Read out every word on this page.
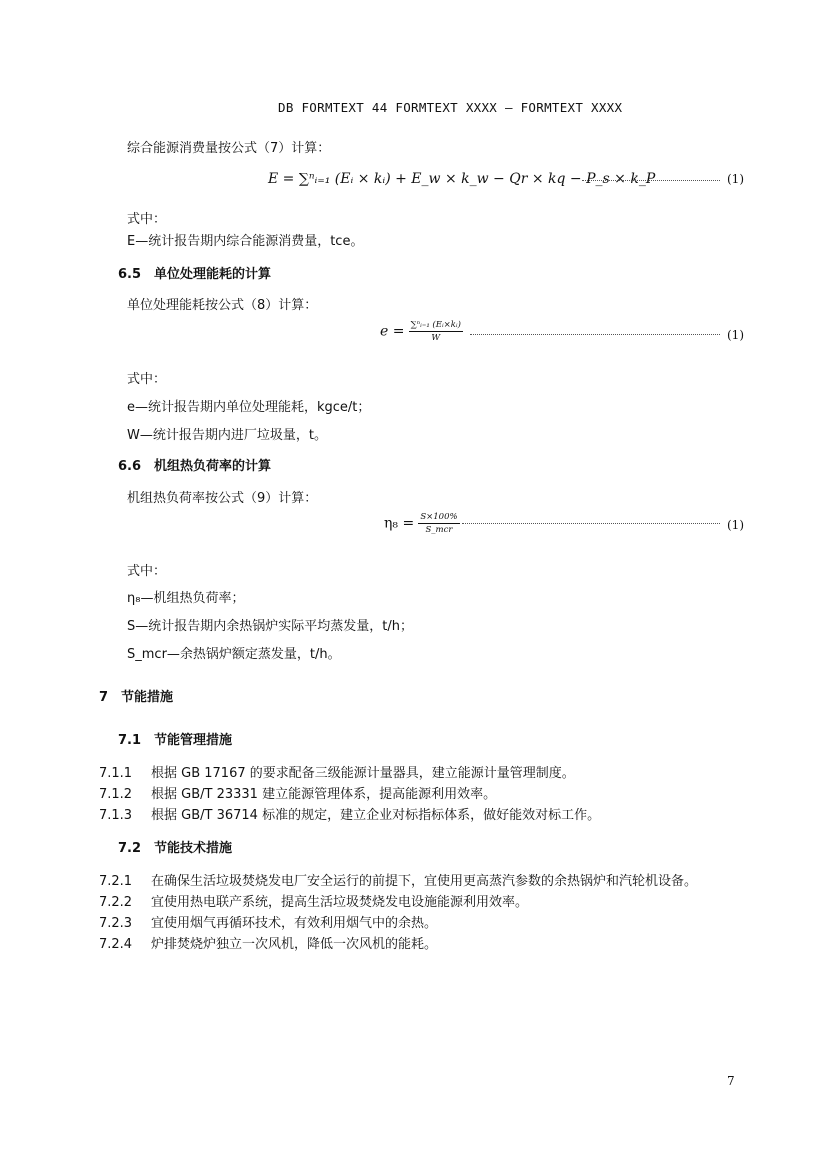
DB FORMTEXT 44 FORMTEXT XXXX — FORMTEXT XXXX
综合能源消费量按公式（7）计算：
E = ∑ⁿᵢ₌₁ (Eᵢ × kᵢ) + E_w × k_w − Qr × kq − P_s × k_P	(1)
式中：
E—统计报告期内综合能源消费量，tce。
6.5　单位处理能耗的计算
单位处理能耗按公式（8）计算：
$e = \frac{\text{∑ⁿᵢ₌₁ (Eᵢ×kᵢ)}}{W}$	(1)
式中：
e—统计报告期内单位处理能耗，kgce/t；
W—统计报告期内进厂垃圾量，t。
6.6　机组热负荷率的计算
机组热负荷率按公式（9）计算：
$\eta_8 = \frac{S\times 100\%}{\text{S\_mcr}}$	(1)
式中：
η₈—机组热负荷率；
S—统计报告期内余热锅炉实际平均蒸发量，t/h；
S_mcr—余热锅炉额定蒸发量，t/h。
7　节能措施
7.1　节能管理措施
7.1.1 根据 GB 17167 的要求配备三级能源计量器具，建立能源计量管理制度。
7.1.2 根据 GB/T 23331 建立能源管理体系，提高能源利用效率。
7.1.3 根据 GB/T 36714 标准的规定，建立企业对标指标体系，做好能效对标工作。
7.2　节能技术措施
7.2.1 在确保生活垃圾焚烧发电厂安全运行的前提下，宜使用更高蒸汽参数的余热锅炉和汽轮机设备。
7.2.2 宜使用热电联产系统，提高生活垃圾焚烧发电设施能源利用效率。
7.2.3 宜使用烟气再循环技术，有效利用烟气中的余热。
7.2.4 炉排焚烧炉独立一次风机，降低一次风机的能耗。
7
